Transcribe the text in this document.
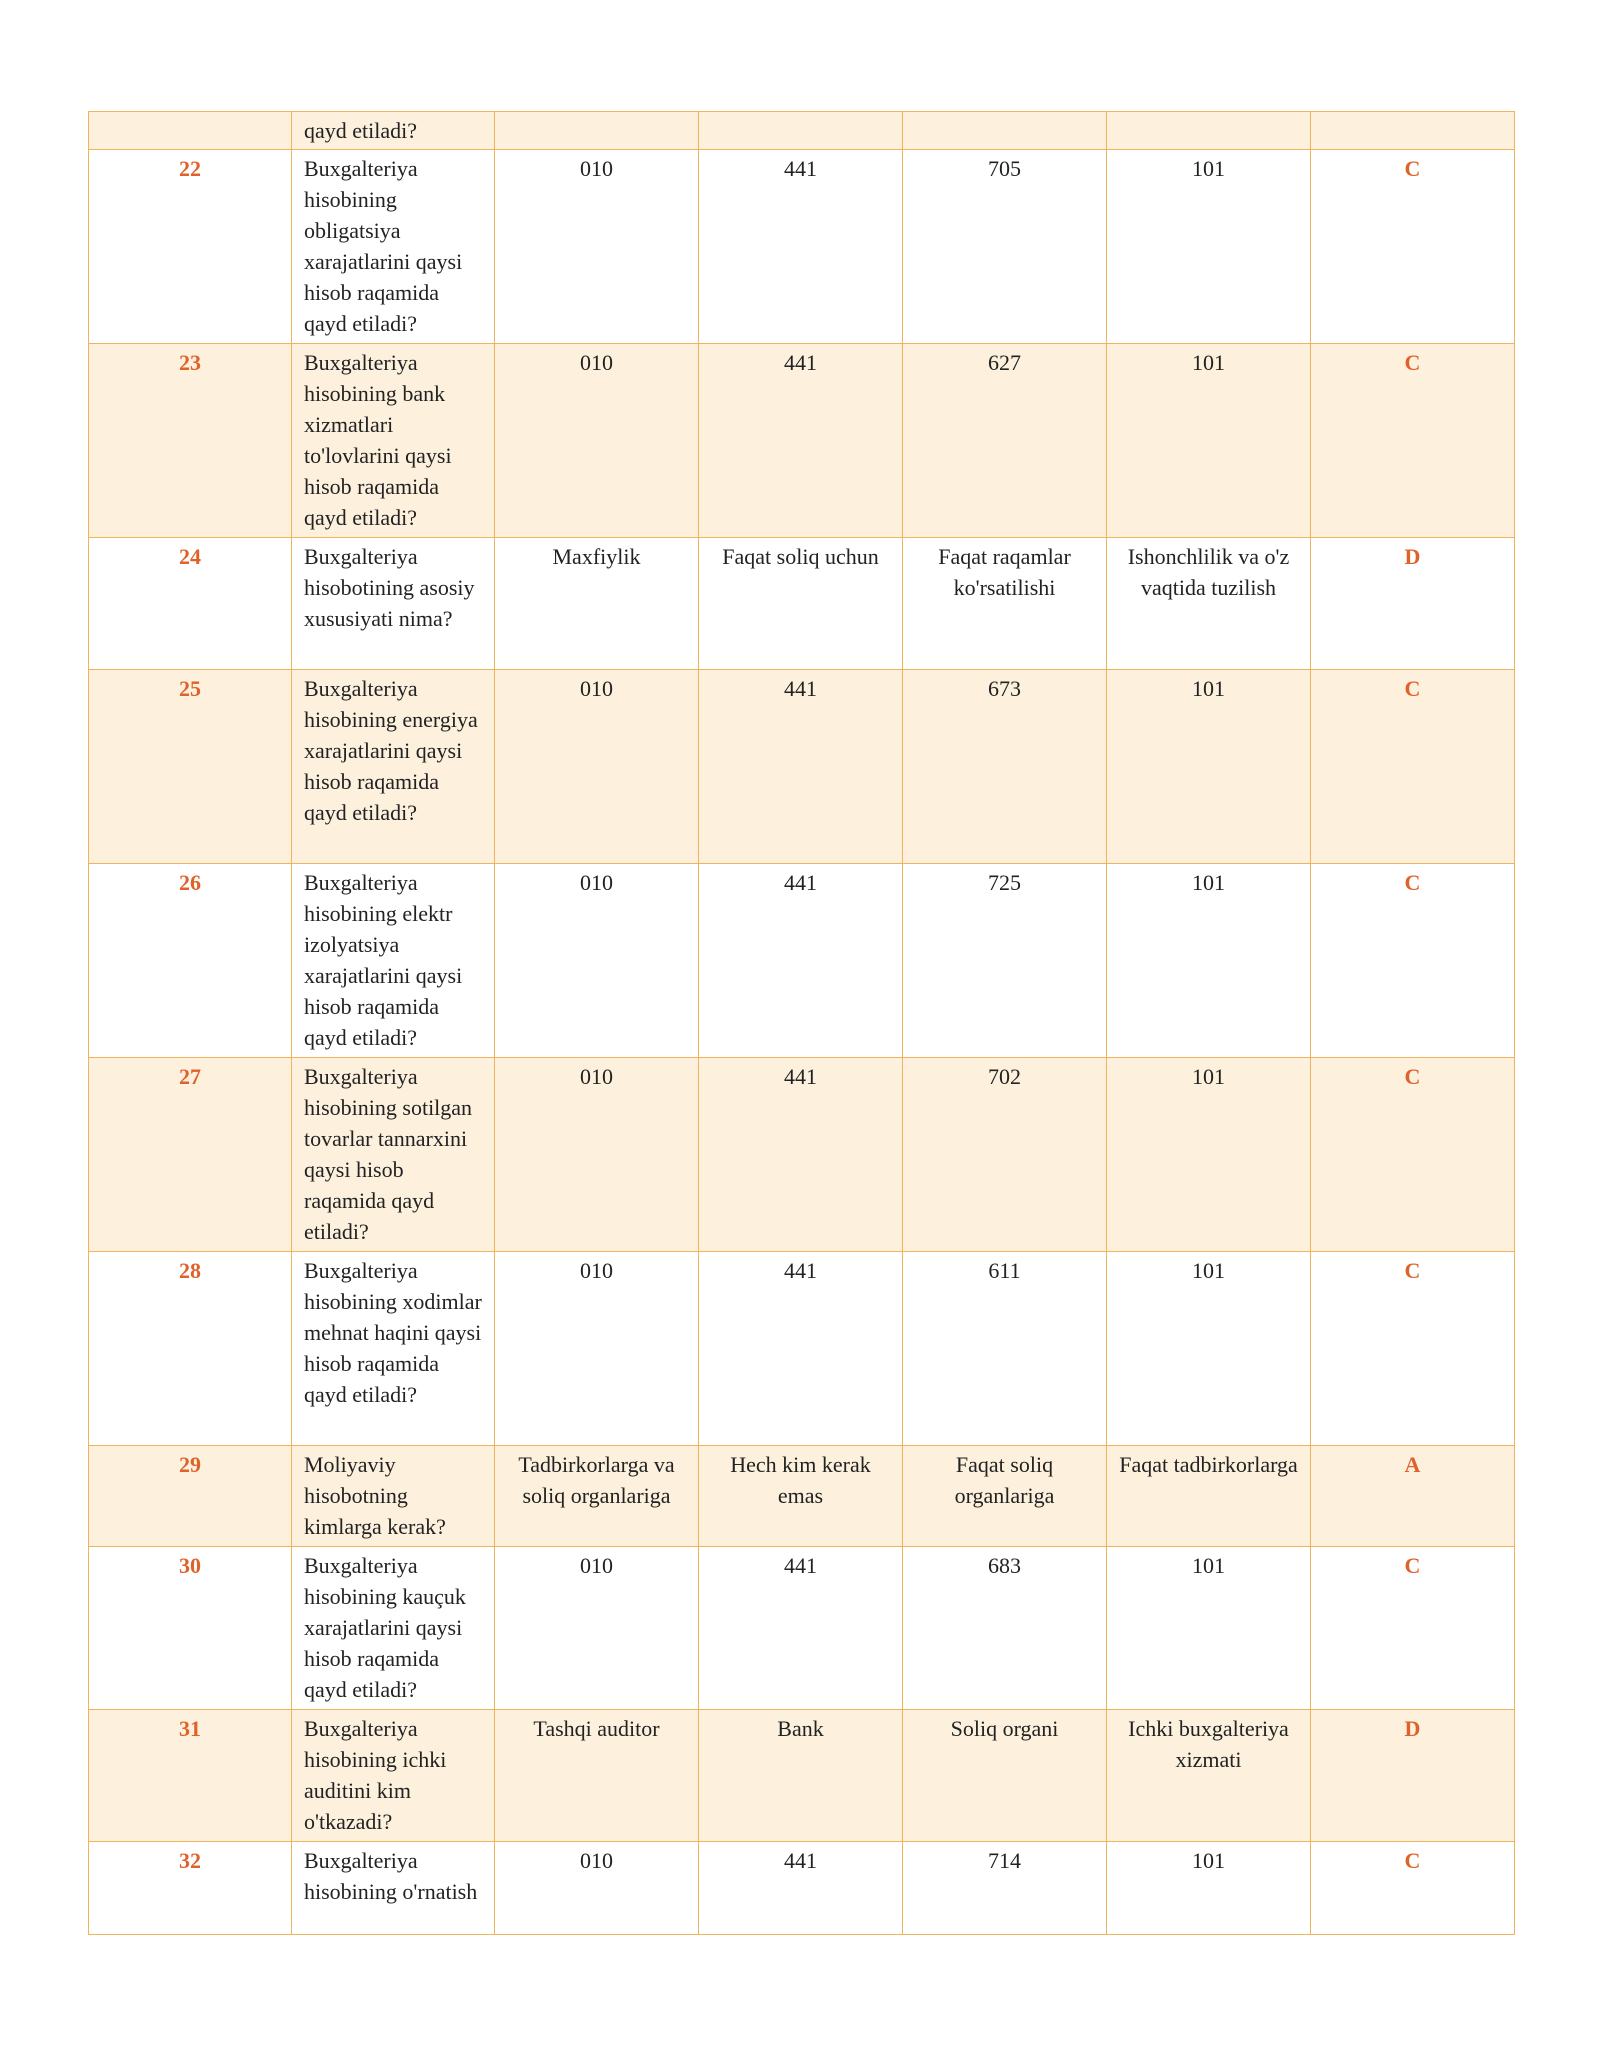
	qayd etiladi?					
22	Buxgalteriya hisobining obligatsiya xarajatlarini qaysi hisob raqamida qayd etiladi?	010	441	705	101	C
23	Buxgalteriya hisobining bank xizmatlari to'lovlarini qaysi hisob raqamida qayd etiladi?	010	441	627	101	C
24	Buxgalteriya hisobotining asosiy xususiyati nima?	Maxfiylik	Faqat soliq uchun	Faqat raqamlar ko'rsatilishi	Ishonchlilik va o'z vaqtida tuzilish	D
25	Buxgalteriya hisobining energiya xarajatlarini qaysi hisob raqamida qayd etiladi?	010	441	673	101	C
26	Buxgalteriya hisobining elektr izolyatsiya xarajatlarini qaysi hisob raqamida qayd etiladi?	010	441	725	101	C
27	Buxgalteriya hisobining sotilgan tovarlar tannarxini qaysi hisob raqamida qayd etiladi?	010	441	702	101	C
28	Buxgalteriya hisobining xodimlar mehnat haqini qaysi hisob raqamida qayd etiladi?	010	441	611	101	C
29	Moliyaviy hisobotning kimlarga kerak?	Tadbirkorlarga va soliq organlariga	Hech kim kerak emas	Faqat soliq organlariga	Faqat tadbirkorlarga	A
30	Buxgalteriya hisobining kauçuk xarajatlarini qaysi hisob raqamida qayd etiladi?	010	441	683	101	C
31	Buxgalteriya hisobining ichki auditini kim o'tkazadi?	Tashqi auditor	Bank	Soliq organi	Ichki buxgalteriya xizmati	D
32	Buxgalteriya hisobining o'rnatish	010	441	714	101	C
